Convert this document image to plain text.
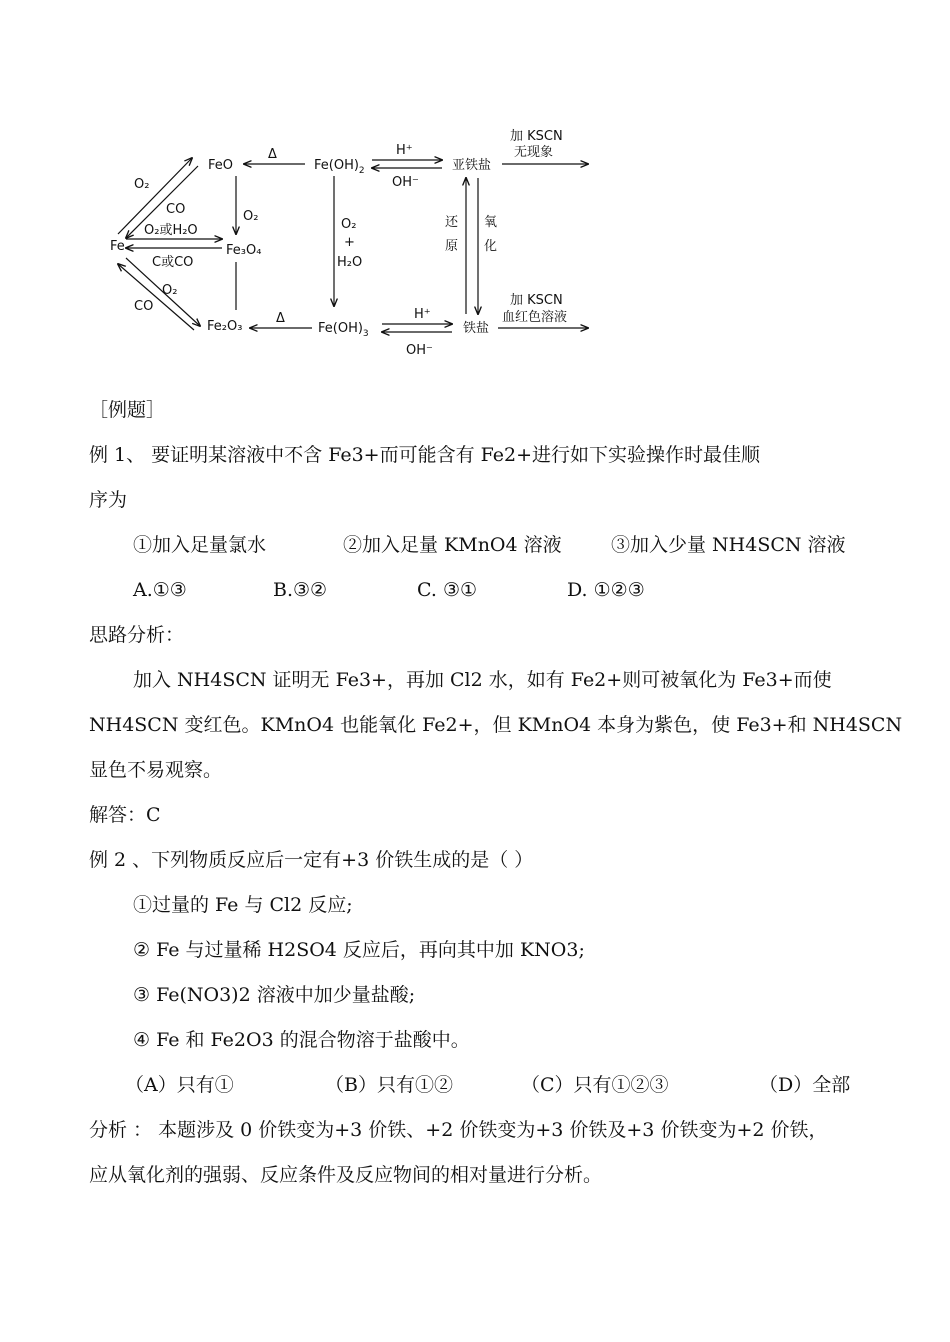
Fe
FeO	$Fe(OH)_2$
Fe₃O₄
Fe₂O₃	$Fe(OH)_3$
亚铁盐
铁盐
Δ	H⁺
OH⁻
加 KSCN
无现象
O₂
O₂
+
H₂O
还
原
氧
化
Δ	H⁺
OH⁻
加 KSCN
血红色溶液
O₂
CO
O₂或H₂O
C或CO
O₂
CO
［例题］
例 1、 要证明某溶液中不含 Fe3+而可能含有 Fe2+进行如下实验操作时最佳顺
序为
①加入足量氯水	②加入足量 KMnO4 溶液	③加入少量 NH4SCN 溶液
A.①③	B.③②	C. ③①	D. ①②③
思路分析：
加入 NH4SCN 证明无 Fe3+，再加 Cl2 水，如有 Fe2+则可被氧化为 Fe3+而使
NH4SCN 变红色。KMnO4 也能氧化 Fe2+，但 KMnO4 本身为紫色，使 Fe3+和 NH4SCN
显色不易观察。
解答：C
例 2 、下列物质反应后一定有+3 价铁生成的是（ ）
①过量的 Fe 与 Cl2 反应;
② Fe 与过量稀 H2SO4 反应后，再向其中加 KNO3;
③ Fe(NO3)2 溶液中加少量盐酸;
④ Fe 和 Fe2O3 的混合物溶于盐酸中。
（A）只有①	（B）只有①②	（C）只有①②③	（D）全部
分析 ： 本题涉及 0 价铁变为+3 价铁、+2 价铁变为+3 价铁及+3 价铁变为+2 价铁，
应从氧化剂的强弱、反应条件及反应物间的相对量进行分析。
